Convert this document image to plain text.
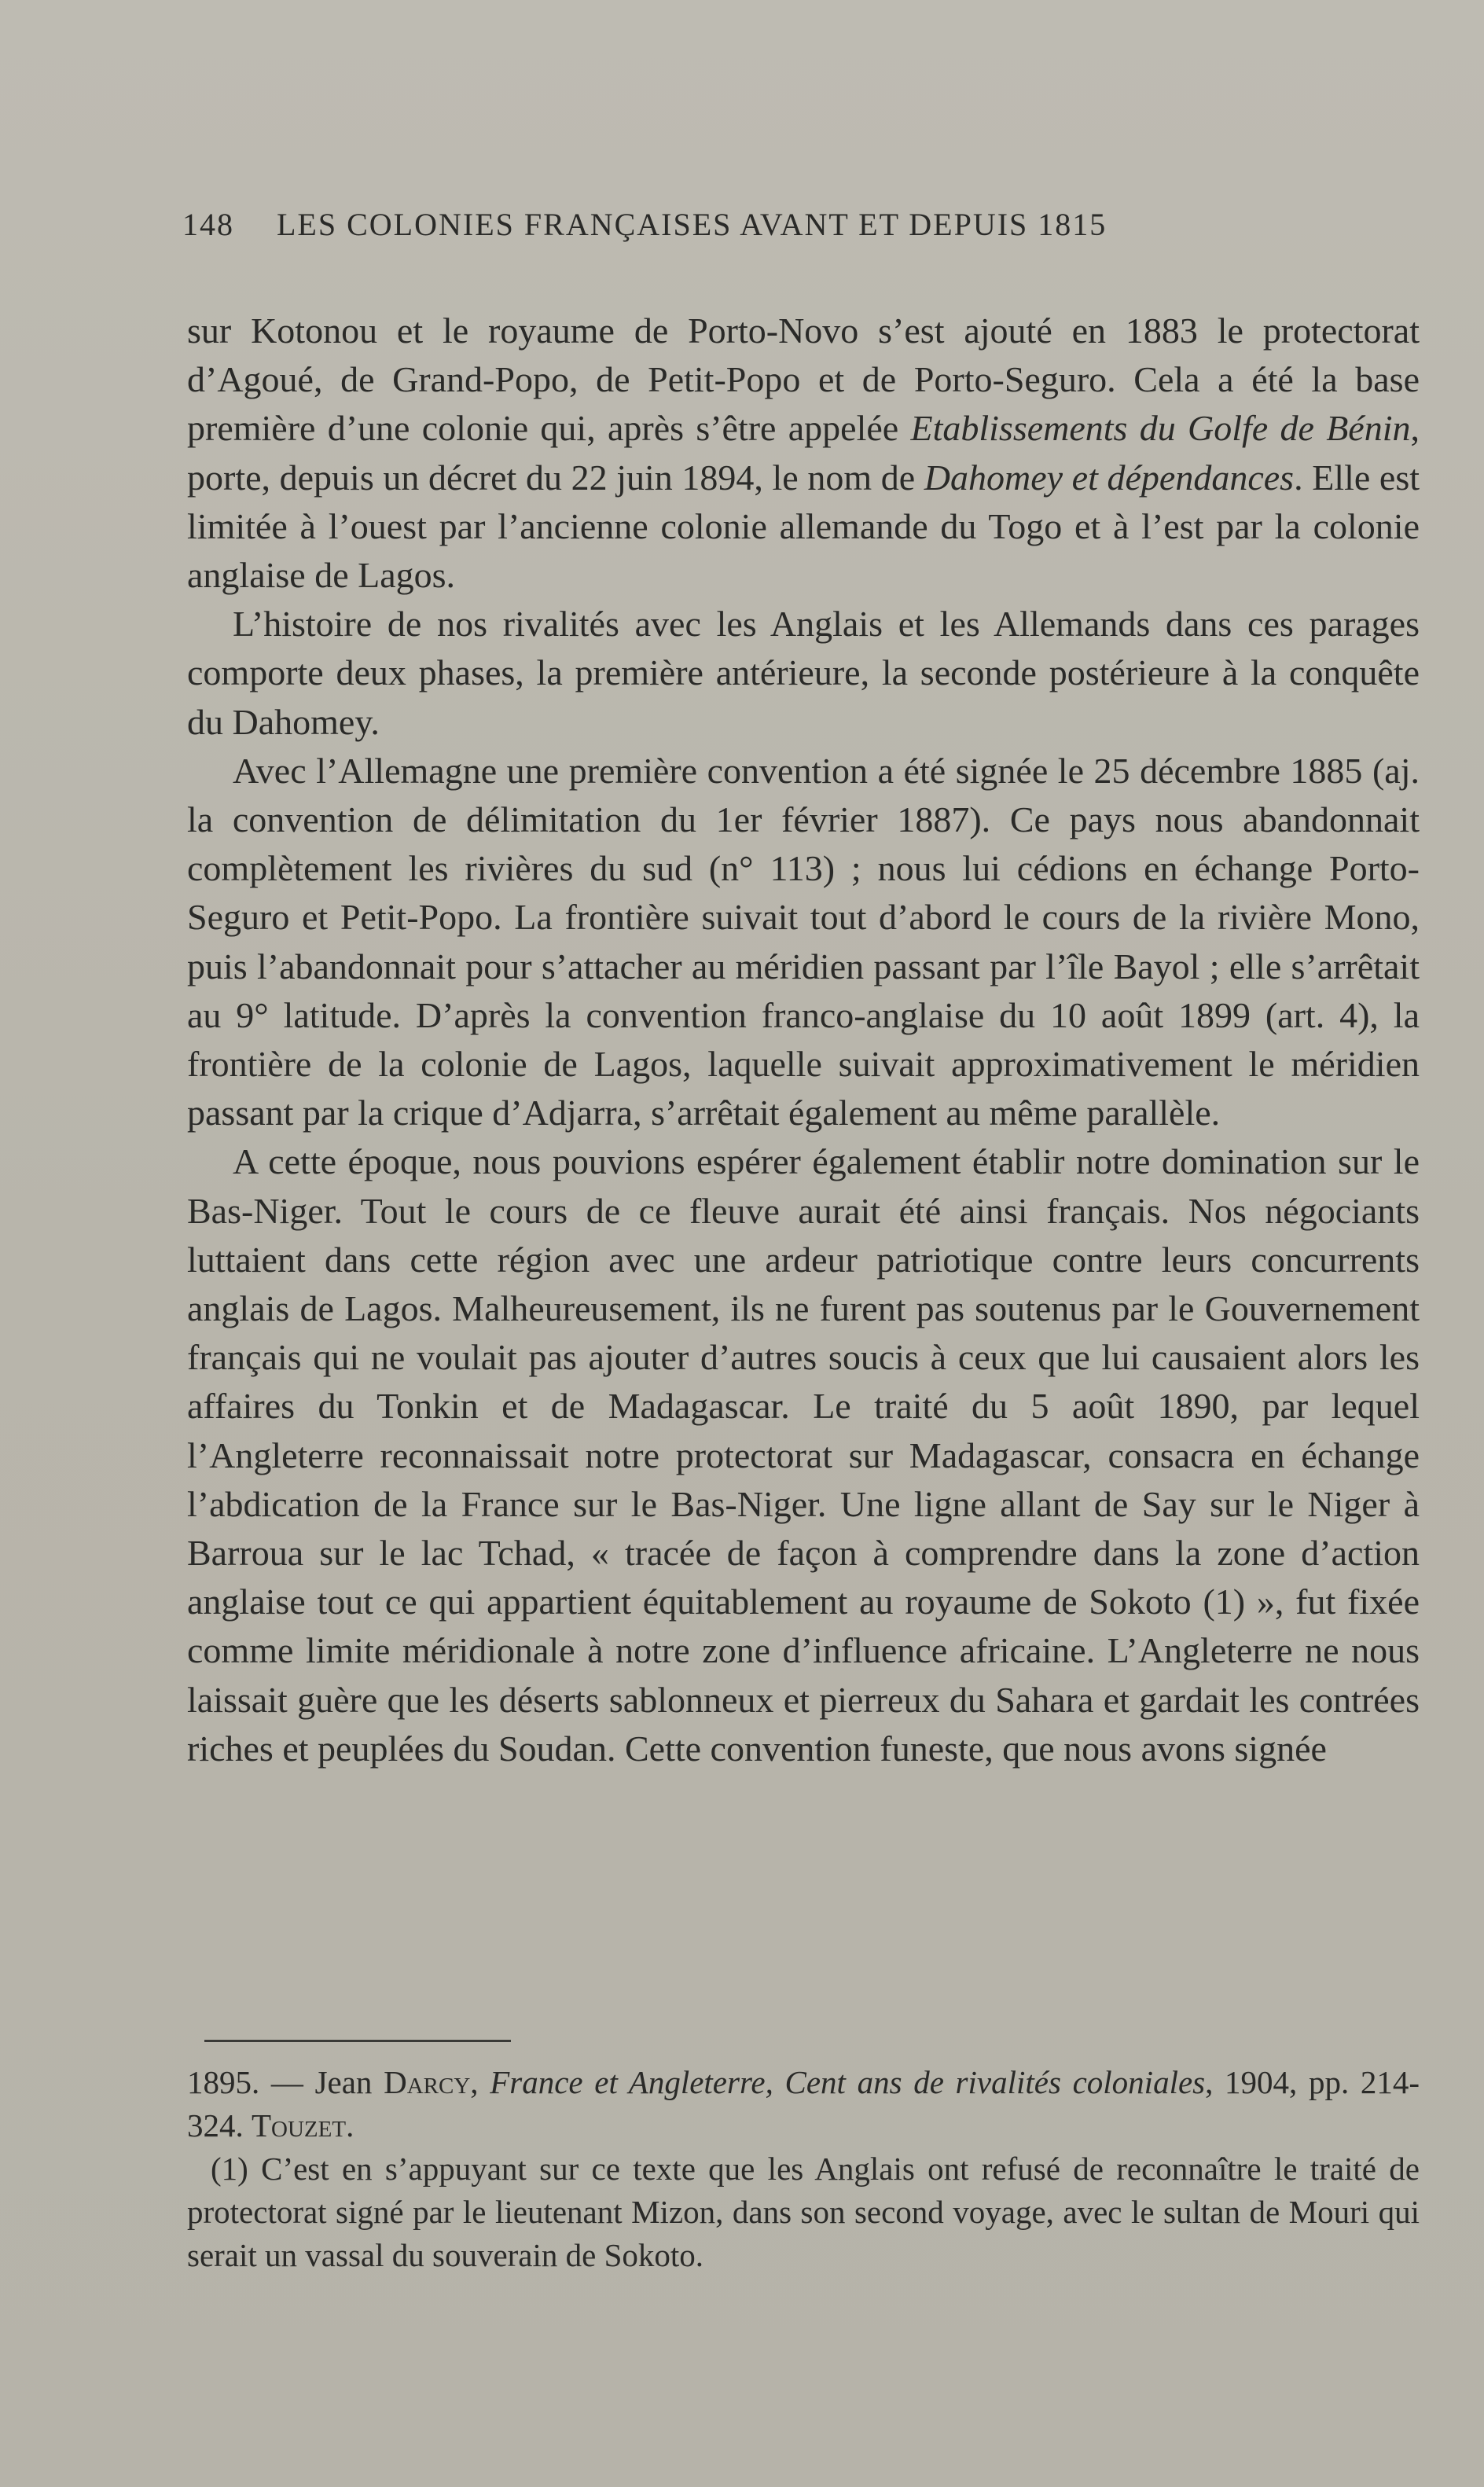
148 LES COLONIES FRANÇAISES AVANT ET DEPUIS 1815

sur Kotonou et le royaume de Porto-Novo s’est ajouté en 1883 le protectorat d’Agoué, de Grand-Popo, de Petit-Popo et de Porto-Seguro. Cela a été la base première d’une colonie qui, après s’être appelée Etablissements du Golfe de Bénin, porte, depuis un décret du 22 juin 1894, le nom de Dahomey et dépendances. Elle est limitée à l’ouest par l’ancienne colonie allemande du Togo et à l’est par la colonie anglaise de Lagos.

L’histoire de nos rivalités avec les Anglais et les Allemands dans ces parages comporte deux phases, la première antérieure, la seconde postérieure à la conquête du Dahomey.

Avec l’Allemagne une première convention a été signée le 25 décembre 1885 (aj. la convention de délimitation du 1er février 1887). Ce pays nous abandonnait complètement les rivières du sud (n° 113) ; nous lui cédions en échange Porto-Seguro et Petit-Popo. La frontière suivait tout d’abord le cours de la rivière Mono, puis l’abandonnait pour s’attacher au méridien passant par l’île Bayol ; elle s’arrêtait au 9° latitude. D’après la convention franco-anglaise du 10 août 1899 (art. 4), la frontière de la colonie de Lagos, laquelle suivait approximativement le méridien passant par la crique d’Adjarra, s’arrêtait également au même parallèle.

A cette époque, nous pouvions espérer également établir notre domination sur le Bas-Niger. Tout le cours de ce fleuve aurait été ainsi français. Nos négociants luttaient dans cette région avec une ardeur patriotique contre leurs concurrents anglais de Lagos. Malheureusement, ils ne furent pas soutenus par le Gouvernement français qui ne voulait pas ajouter d’autres soucis à ceux que lui causaient alors les affaires du Tonkin et de Madagascar. Le traité du 5 août 1890, par lequel l’Angleterre reconnaissait notre protectorat sur Madagascar, consacra en échange l’abdication de la France sur le Bas-Niger. Une ligne allant de Say sur le Niger à Barroua sur le lac Tchad, « tracée de façon à comprendre dans la zone d’action anglaise tout ce qui appartient équitablement au royaume de Sokoto (1) », fut fixée comme limite méridionale à notre zone d’influence africaine. L’Angleterre ne nous laissait guère que les déserts sablonneux et pierreux du Sahara et gardait les contrées riches et peuplées du Soudan. Cette convention funeste, que nous avons signée

1895. — Jean Darcy, France et Angleterre, Cent ans de rivalités coloniales, 1904, pp. 214-324. Touzet.

(1) C’est en s’appuyant sur ce texte que les Anglais ont refusé de reconnaître le traité de protectorat signé par le lieutenant Mizon, dans son second voyage, avec le sultan de Mouri qui serait un vassal du souverain de Sokoto.
